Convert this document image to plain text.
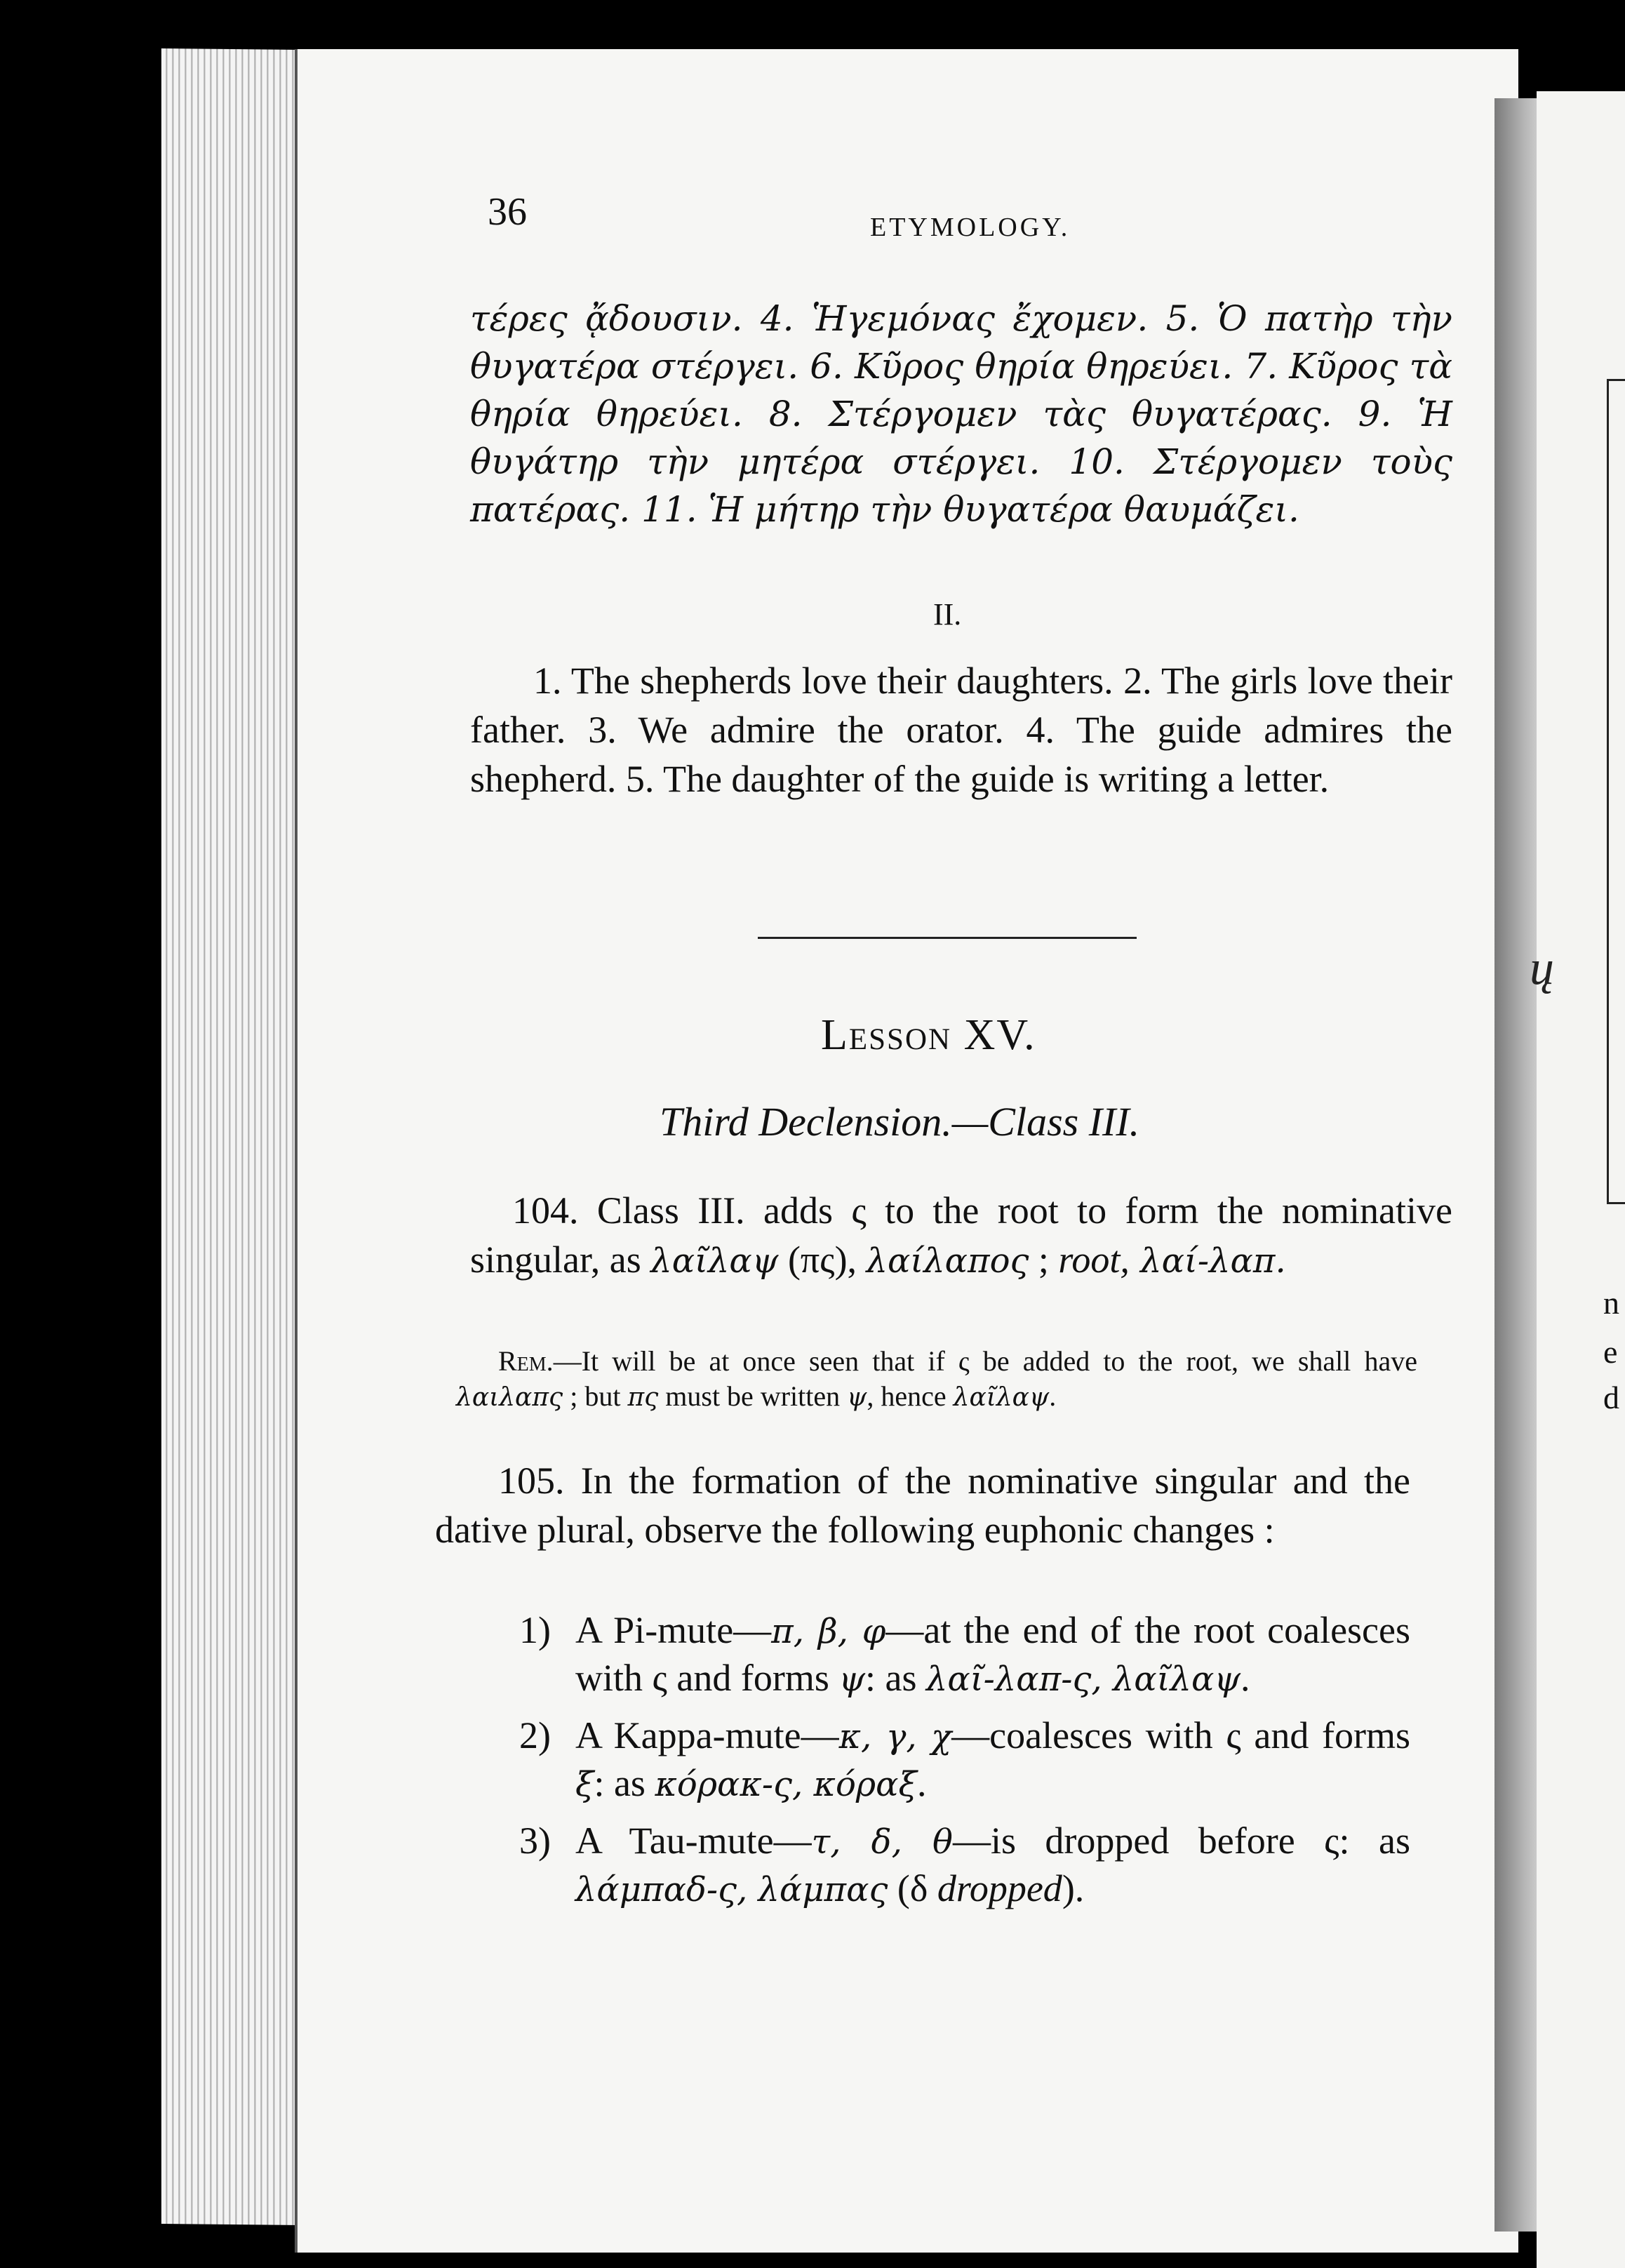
n
e
d
ų
36	ETYMOLOGY.
τέρες ᾄδουσιν. 4. Ἡγεμόνας ἔχομεν. 5. Ὁ πατὴρ τὴν θυγατέρα στέργει. 6. Κῦρος θηρία θηρεύει. 7. Κῦρος τὰ θηρία θηρεύει. 8. Στέργομεν τὰς θυγατέρας. 9. Ἡ θυγάτηρ τὴν μητέρα στέργει. 10. Στέργομεν τοὺς πατέρας. 11. Ἡ μήτηρ τὴν θυγατέρα θαυμάζει.
II.
1. The shepherds love their daughters. 2. The girls love their father. 3. We admire the orator. 4. The guide admires the shepherd. 5. The daughter of the guide is writing a letter.
Lesson XV.
Third Declension.—Class III.
104. Class III. adds ς to the root to form the nominative singular, as λαῖλαψ (πς), λαίλαπος ; root, λαί-λαπ.
Rem.—It will be at once seen that if ς be added to the root, we shall have λαιλαπς ; but πς must be written ψ, hence λαῖλαψ.
105. In the formation of the nominative singular and the dative plural, observe the following euphonic changes :
1) A Pi-mute—π, β, φ—at the end of the root coalesces with ς and forms ψ: as λαῖ-λαπ-ς, λαῖλαψ.
2) A Kappa-mute—κ, γ, χ—coalesces with ς and forms ξ: as κόρακ-ς, κόραξ.
3) A Tau-mute—τ, δ, θ—is dropped before ς: as λάμπαδ-ς, λάμπας (δ dropped).
